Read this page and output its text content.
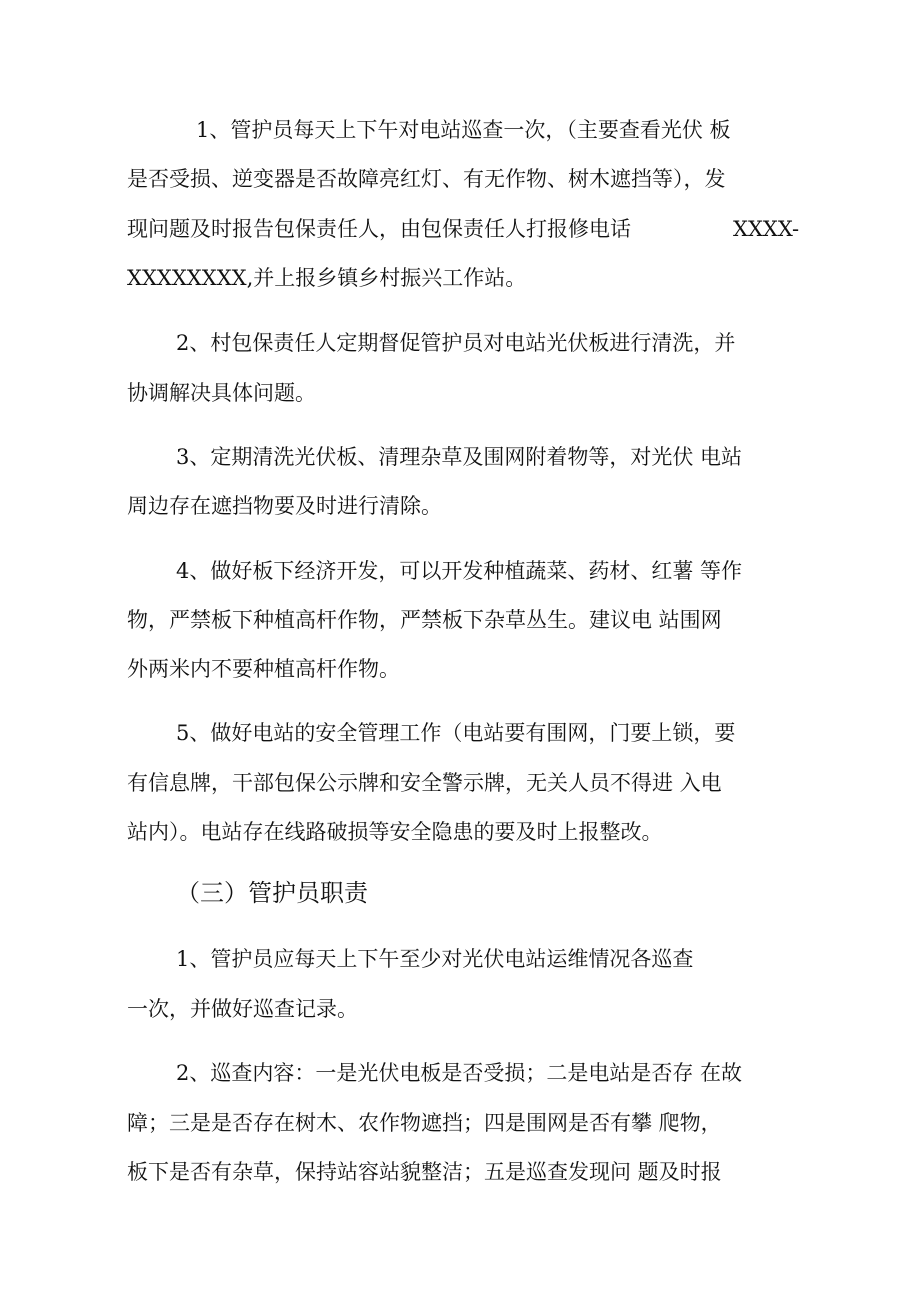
1、管护员每天上下午对电站巡查一次，（主要查看光伏 板
是否受损、逆变器是否故障亮红灯、有无作物、树木遮挡等），发
现问题及时报告包保责任人，由包保责任人打报修电话	XXXX-
XXXXXXXX,并上报乡镇乡村振兴工作站。
2、村包保责任人定期督促管护员对电站光伏板进行清洗，并
协调解决具体问题。
3、定期清洗光伏板、清理杂草及围网附着物等，对光伏 电站
周边存在遮挡物要及时进行清除。
4、做好板下经济开发，可以开发种植蔬菜、药材、红薯 等作
物，严禁板下种植高杆作物，严禁板下杂草丛生。建议电 站围网
外两米内不要种植高杆作物。
5、做好电站的安全管理工作（电站要有围网，门要上锁，要
有信息牌，干部包保公示牌和安全警示牌，无关人员不得进 入电
站内）。电站存在线路破损等安全隐患的要及时上报整改。
（三）管护员职责
1、管护员应每天上下午至少对光伏电站运维情况各巡查
一次，并做好巡查记录。
2、巡查内容：一是光伏电板是否受损；二是电站是否存 在故
障；三是是否存在树木、农作物遮挡；四是围网是否有攀 爬物，
板下是否有杂草，保持站容站貌整洁；五是巡查发现问 题及时报
